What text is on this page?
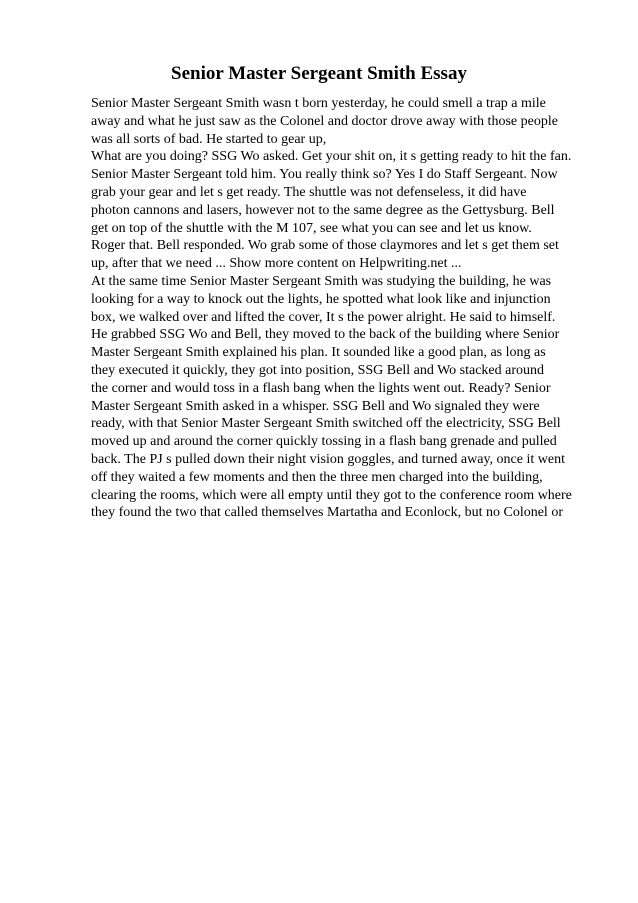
Senior Master Sergeant Smith Essay
Senior Master Sergeant Smith wasn t born yesterday, he could smell a trap a mile
away and what he just saw as the Colonel and doctor drove away with those people
was all sorts of bad. He started to gear up,
What are you doing? SSG Wo asked. Get your shit on, it s getting ready to hit the fan.
Senior Master Sergeant told him. You really think so? Yes I do Staff Sergeant. Now
grab your gear and let s get ready. The shuttle was not defenseless, it did have
photon cannons and lasers, however not to the same degree as the Gettysburg. Bell
get on top of the shuttle with the M 107, see what you can see and let us know.
Roger that. Bell responded. Wo grab some of those claymores and let s get them set
up, after that we need ... Show more content on Helpwriting.net ...
At the same time Senior Master Sergeant Smith was studying the building, he was
looking for a way to knock out the lights, he spotted what look like and injunction
box, we walked over and lifted the cover, It s the power alright. He said to himself.
He grabbed SSG Wo and Bell, they moved to the back of the building where Senior
Master Sergeant Smith explained his plan. It sounded like a good plan, as long as
they executed it quickly, they got into position, SSG Bell and Wo stacked around
the corner and would toss in a flash bang when the lights went out. Ready? Senior
Master Sergeant Smith asked in a whisper. SSG Bell and Wo signaled they were
ready, with that Senior Master Sergeant Smith switched off the electricity, SSG Bell
moved up and around the corner quickly tossing in a flash bang grenade and pulled
back. The PJ s pulled down their night vision goggles, and turned away, once it went
off they waited a few moments and then the three men charged into the building,
clearing the rooms, which were all empty until they got to the conference room where
they found the two that called themselves Martatha and Econlock, but no Colonel or
